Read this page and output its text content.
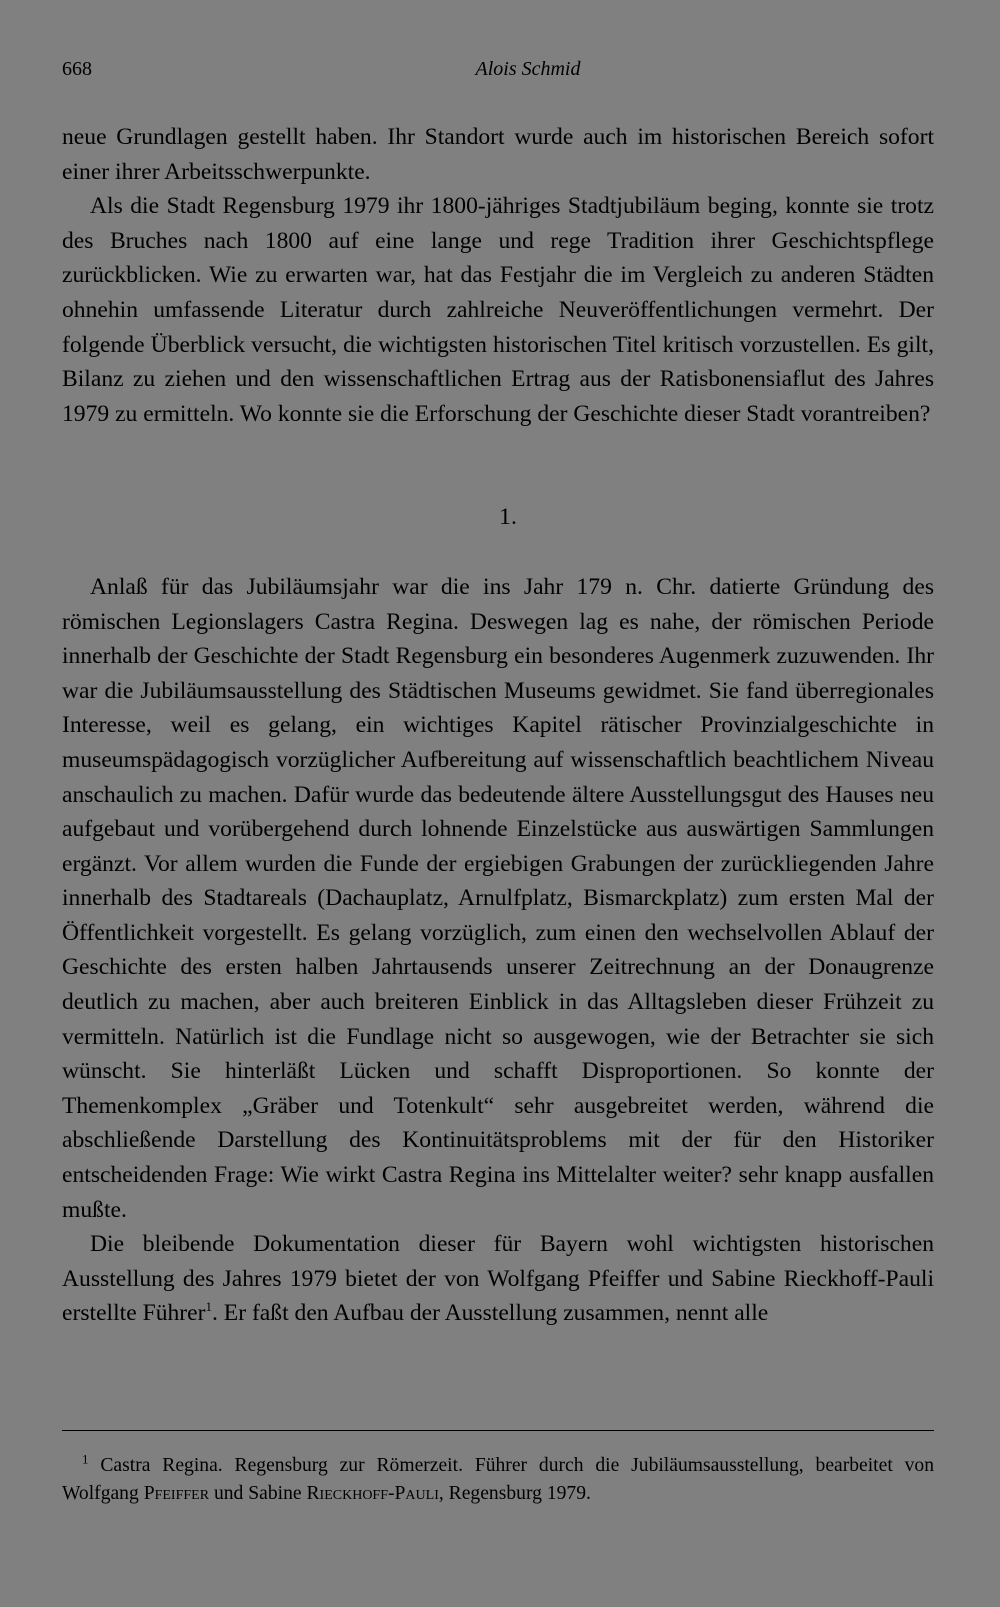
668	Alois Schmid

neue Grundlagen gestellt haben. Ihr Standort wurde auch im historischen Bereich sofort einer ihrer Arbeitsschwerpunkte.

Als die Stadt Regensburg 1979 ihr 1800-jähriges Stadtjubiläum beging, konnte sie trotz des Bruches nach 1800 auf eine lange und rege Tradition ihrer Geschichtspflege zurückblicken. Wie zu erwarten war, hat das Festjahr die im Vergleich zu anderen Städten ohnehin umfassende Literatur durch zahlreiche Neuveröffentlichungen vermehrt. Der folgende Überblick versucht, die wichtigsten historischen Titel kritisch vorzustellen. Es gilt, Bilanz zu ziehen und den wissenschaftlichen Ertrag aus der Ratisbonensiaflut des Jahres 1979 zu ermitteln. Wo konnte sie die Erforschung der Geschichte dieser Stadt vorantreiben?

1.

Anlaß für das Jubiläumsjahr war die ins Jahr 179 n. Chr. datierte Gründung des römischen Legionslagers Castra Regina. Deswegen lag es nahe, der römischen Periode innerhalb der Geschichte der Stadt Regensburg ein besonderes Augenmerk zuzuwenden. Ihr war die Jubiläumsausstellung des Städtischen Museums gewidmet. Sie fand überregionales Interesse, weil es gelang, ein wichtiges Kapitel rätischer Provinzialgeschichte in museumspädagogisch vorzüglicher Aufbereitung auf wissenschaftlich beachtlichem Niveau anschaulich zu machen. Dafür wurde das bedeutende ältere Ausstellungsgut des Hauses neu aufgebaut und vorübergehend durch lohnende Einzelstücke aus auswärtigen Sammlungen ergänzt. Vor allem wurden die Funde der ergiebigen Grabungen der zurückliegenden Jahre innerhalb des Stadtareals (Dachauplatz, Arnulfplatz, Bismarckplatz) zum ersten Mal der Öffentlichkeit vorgestellt. Es gelang vorzüglich, zum einen den wechselvollen Ablauf der Geschichte des ersten halben Jahrtausends unserer Zeitrechnung an der Donaugrenze deutlich zu machen, aber auch breiteren Einblick in das Alltagsleben dieser Frühzeit zu vermitteln. Natürlich ist die Fundlage nicht so ausgewogen, wie der Betrachter sie sich wünscht. Sie hinterläßt Lücken und schafft Disproportionen. So konnte der Themenkomplex „Gräber und Totenkult“ sehr ausgebreitet werden, während die abschließende Darstellung des Kontinuitätsproblems mit der für den Historiker entscheidenden Frage: Wie wirkt Castra Regina ins Mittelalter weiter? sehr knapp ausfallen mußte.

Die bleibende Dokumentation dieser für Bayern wohl wichtigsten historischen Ausstellung des Jahres 1979 bietet der von Wolfgang Pfeiffer und Sabine Rieckhoff-Pauli erstellte Führer$^1$. Er faßt den Aufbau der Ausstellung zusammen, nennt alle

$^1$ Castra Regina. Regensburg zur Römerzeit. Führer durch die Jubiläumsausstellung, bearbeitet von Wolfgang Pfeiffer und Sabine Rieckhoff-Pauli, Regensburg 1979.
